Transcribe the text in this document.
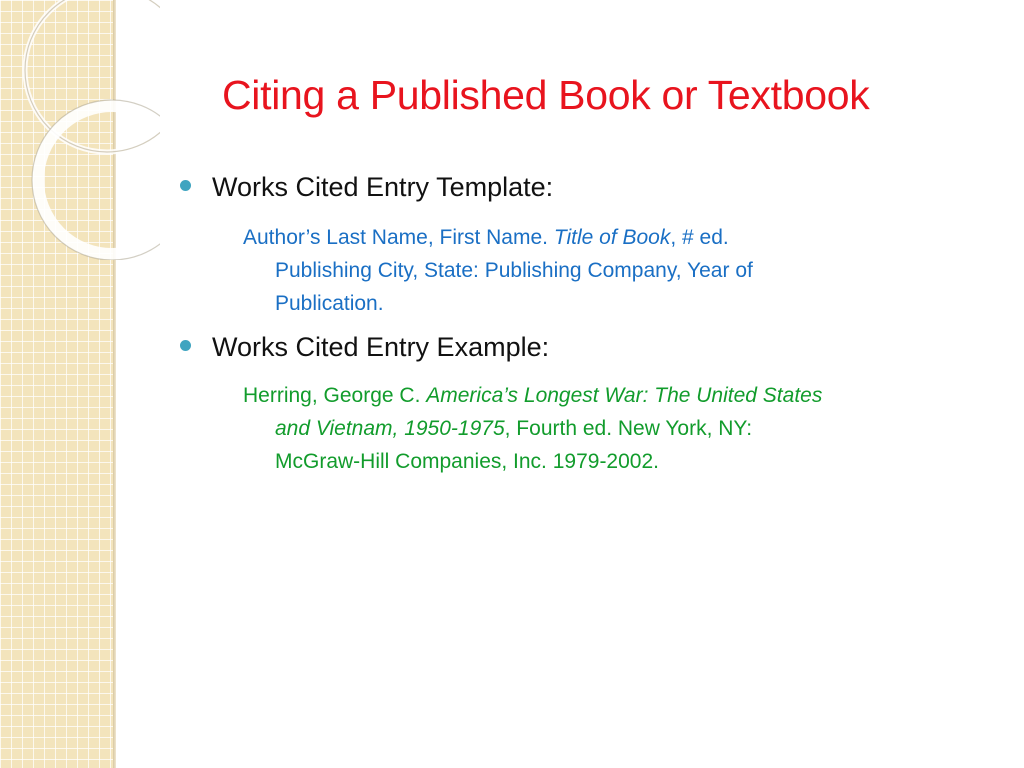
Citing a Published Book or Textbook
Works Cited Entry Template:
Author’s Last Name, First Name. Title of Book, # ed.
Publishing City, State: Publishing Company, Year of
Publication.
Works Cited Entry Example:
Herring, George C. America’s Longest War: The United States
and Vietnam, 1950-1975, Fourth ed. New York, NY:
McGraw-Hill Companies, Inc. 1979-2002.
